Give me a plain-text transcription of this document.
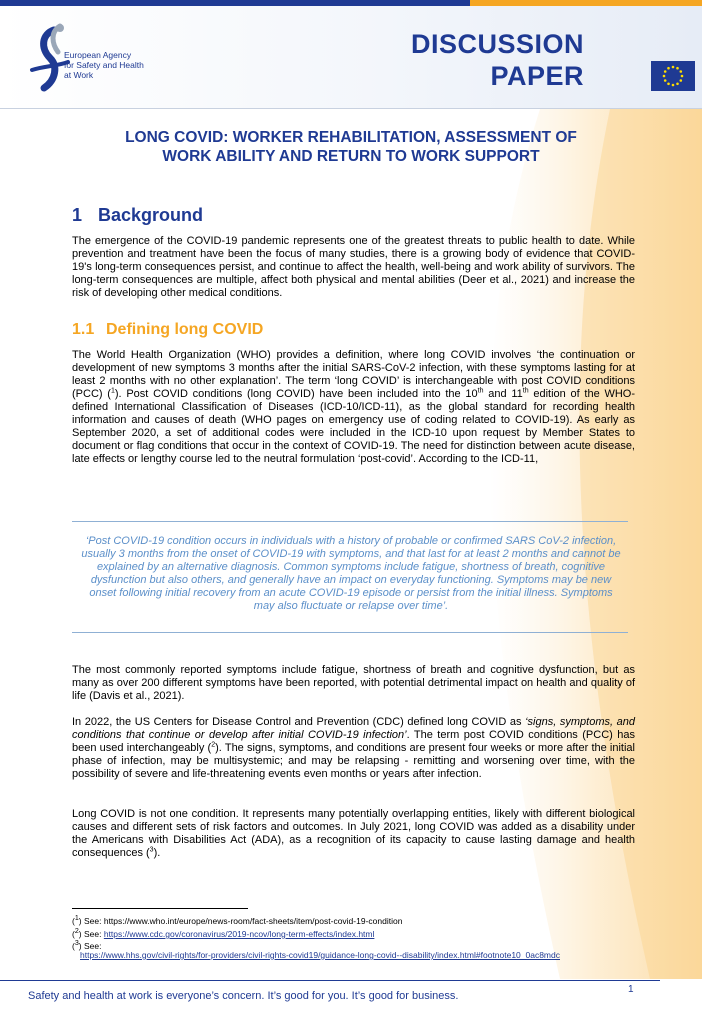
European Agency
for Safety and Health
at Work
DISCUSSION
PAPER
LONG COVID: WORKER REHABILITATION, ASSESSMENT OF
WORK ABILITY AND RETURN TO WORK SUPPORT
1 Background
The emergence of the COVID-19 pandemic represents one of the greatest threats to public health to date. While prevention and treatment have been the focus of many studies, there is a growing body of evidence that COVID-19's long-term consequences persist, and continue to affect the health, well-being and work ability of survivors. The long-term consequences are multiple, affect both physical and mental abilities (Deer et al., 2021) and increase the risk of developing other medical conditions.
1.1 Defining long COVID
The World Health Organization (WHO) provides a definition, where long COVID involves ‘the continuation or development of new symptoms 3 months after the initial SARS-CoV-2 infection, with these symptoms lasting for at least 2 months with no other explanation’. The term ‘long COVID’ is interchangeable with post COVID conditions (PCC) ($^1$). Post COVID conditions (long COVID) have been included into the 10th and 11th edition of the WHO-defined International Classification of Diseases (ICD-10/ICD-11), as the global standard for recording health information and causes of death (WHO pages on emergency use of coding related to COVID-19). As early as September 2020, a set of additional codes were included in the ICD-10 upon request by Member States to document or flag conditions that occur in the context of COVID-19. The need for distinction between acute disease, late effects or lengthy course led to the neutral formulation ‘post-covid’. According to the ICD-11,
‘Post COVID-19 condition occurs in individuals with a history of probable or confirmed SARS CoV-2 infection, usually 3 months from the onset of COVID-19 with symptoms, and that last for at least 2 months and cannot be explained by an alternative diagnosis. Common symptoms include fatigue, shortness of breath, cognitive dysfunction but also others, and generally have an impact on everyday functioning. Symptoms may be new onset following initial recovery from an acute COVID-19 episode or persist from the initial illness. Symptoms may also fluctuate or relapse over time’.
The most commonly reported symptoms include fatigue, shortness of breath and cognitive dysfunction, but as many as over 200 different symptoms have been reported, with potential detrimental impact on health and quality of life (Davis et al., 2021).
In 2022, the US Centers for Disease Control and Prevention (CDC) defined long COVID as ‘signs, symptoms, and conditions that continue or develop after initial COVID-19 infection’. The term post COVID conditions (PCC) has been used interchangeably ($^2$). The signs, symptoms, and conditions are present four weeks or more after the initial phase of infection, may be multisystemic; and may be relapsing - remitting and worsening over time, with the possibility of severe and life-threatening events even months or years after infection.
Long COVID is not one condition. It represents many potentially overlapping entities, likely with different biological causes and different sets of risk factors and outcomes. In July 2021, long COVID was added as a disability under the Americans with Disabilities Act (ADA), as a recognition of its capacity to cause lasting damage and health consequences ($^3$).
($^1$) See: https://www.who.int/europe/news-room/fact-sheets/item/post-covid-19-condition
($^2$) See: https://www.cdc.gov/coronavirus/2019-ncov/long-term-effects/index.html
($^3$) See:
https://www.hhs.gov/civil-rights/for-providers/civil-rights-covid19/guidance-long-covid--disability/index.html#footnote10_0ac8mdc
Safety and health at work is everyone’s concern. It’s good for you. It’s good for business.
1
